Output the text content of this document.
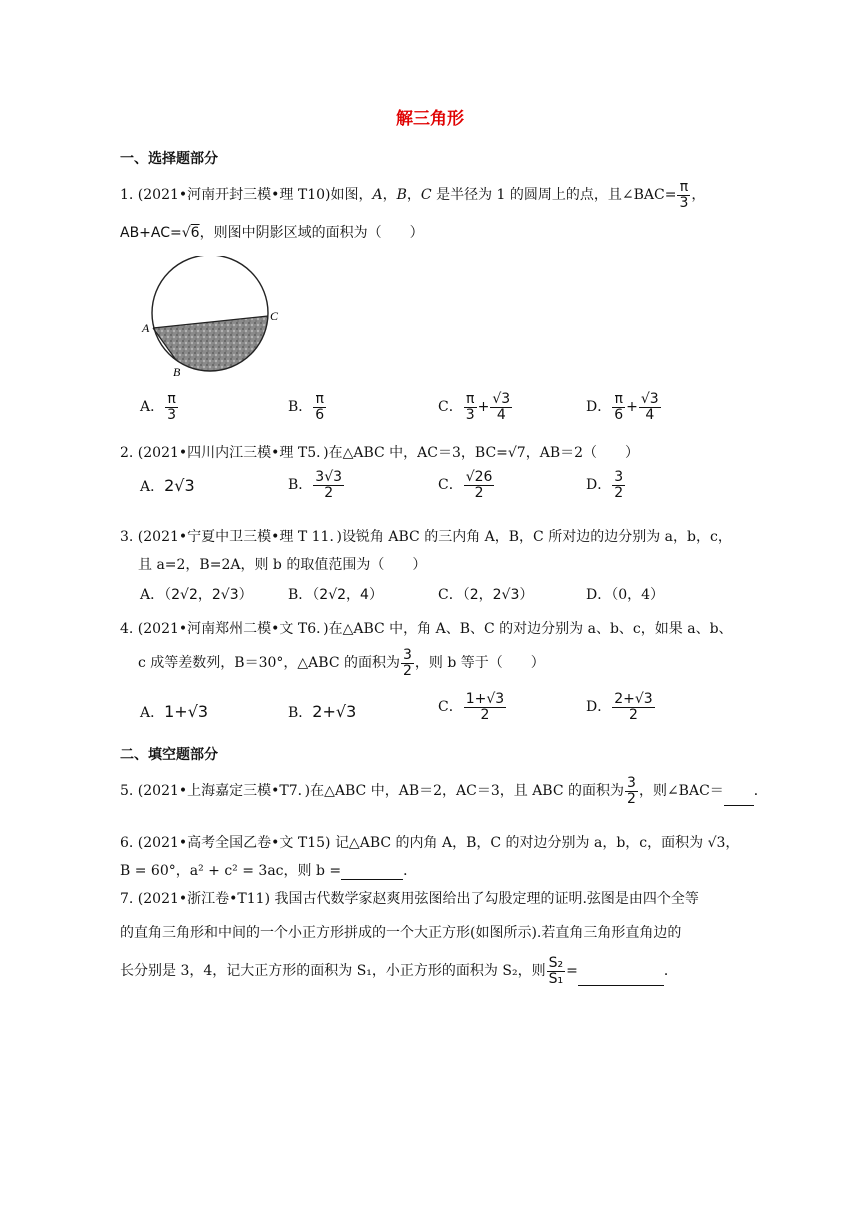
解三角形
一、选择题部分
1. (2021•河南开封三模•理 T10)如图，A，B，C 是半径为 1 的圆周上的点，且∠BAC= $\frac{\pi}{3}$ ，
AB+AC=√6，则图中阴影区域的面积为（　　）
A
B
C
A． $\frac{\pi}{3}$	B． $\frac{\pi}{6}$	C． $\frac{\pi}{3} + \frac{√3}{4}$	D． $\frac{\pi}{6} + \frac{√3}{4}$
2. (2021•四川内江三模•理 T5．)在△ABC 中，AC＝3，BC=√7，AB＝2（　　）
A．2√3	B． $\frac{3√3}{2}$	C． $\frac{√26}{2}$	D． $\frac{3}{2}$
3. (2021•宁夏中卫三模•理 T 11．)设锐角 ABC 的三内角 A，B，C 所对边的边分别为 a，b，c，
且 a=2，B=2A，则 b 的取值范围为（　　）
A．（2√2，2√3）	B．（2√2，4）	C．（2，2√3）	D．（0，4）
4. (2021•河南郑州二模•文 T6．)在△ABC 中，角 A、B、C 的对边分别为 a、b、c，如果 a、b、
c 成等差数列，B＝30°，△ABC 的面积为 $\frac{3}{2}$ ，则 b 等于（　　）
A．1+√3	B．2+√3	C． $\frac{1+√3}{2}$	D． $\frac{2+√3}{2}$
二、填空题部分
5. (2021•上海嘉定三模•T7．)在△ABC 中，AB＝2，AC＝3，且 ABC 的面积为 $\frac{3}{2}$ ，则∠BAC＝ ．
6. (2021•高考全国乙卷•文 T15) 记△ABC 的内角 A，B，C 的对边分别为 a，b，c，面积为 √3，
B = 60°，a² + c² = 3ac，则 b =	．
7. (2021•浙江卷•T11) 我国古代数学家赵爽用弦图给出了勾股定理的证明.弦图是由四个全等
的直角三角形和中间的一个小正方形拼成的一个大正方形(如图所示).若直角三角形直角边的
长分别是 3，4，记大正方形的面积为 S₁，小正方形的面积为 S₂，则 $\frac{\text{S₂}}{\text{S₁}}$ =	．
